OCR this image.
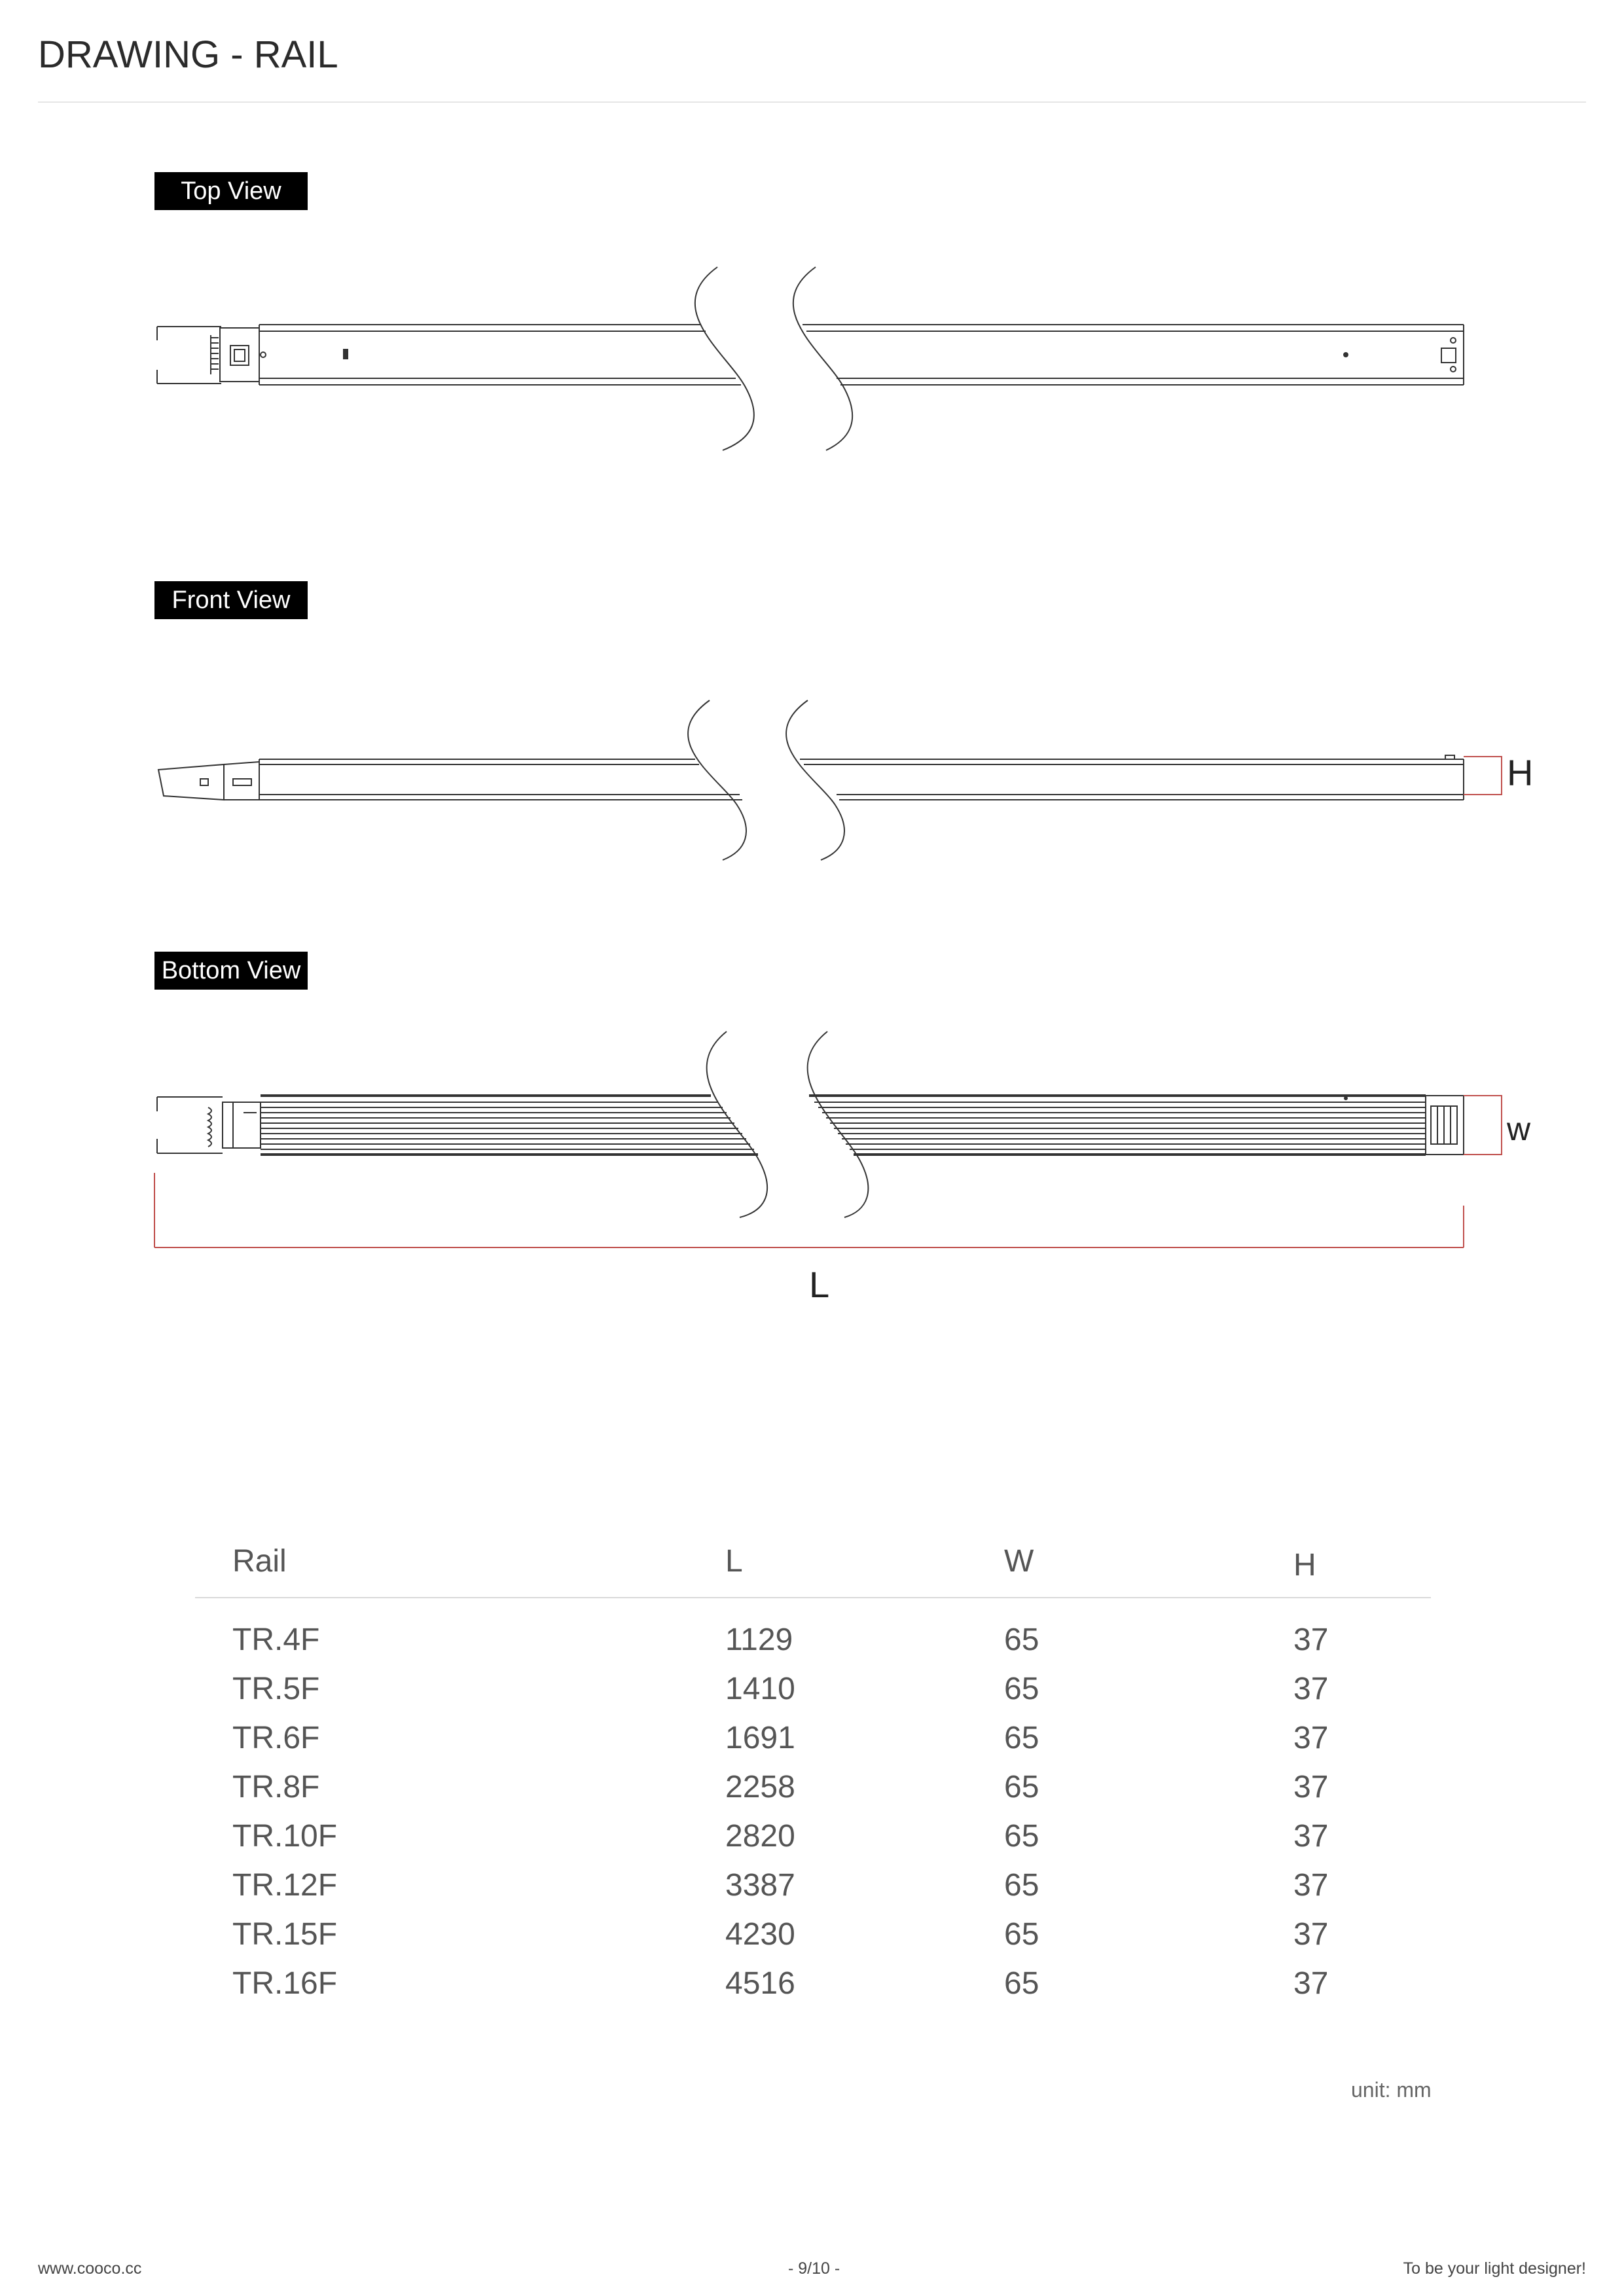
DRAWING - RAIL
Top View
Front View
Bottom View
H
w
L
Rail	L	W	H
TR.4F	1129	65	37
TR.5F	1410	65	37
TR.6F	1691	65	37
TR.8F	2258	65	37
TR.10F	2820	65	37
TR.12F	3387	65	37
TR.15F	4230	65	37
TR.16F	4516	65	37
unit: mm
www.cooco.cc	- 9/10 -	To be your light designer!
